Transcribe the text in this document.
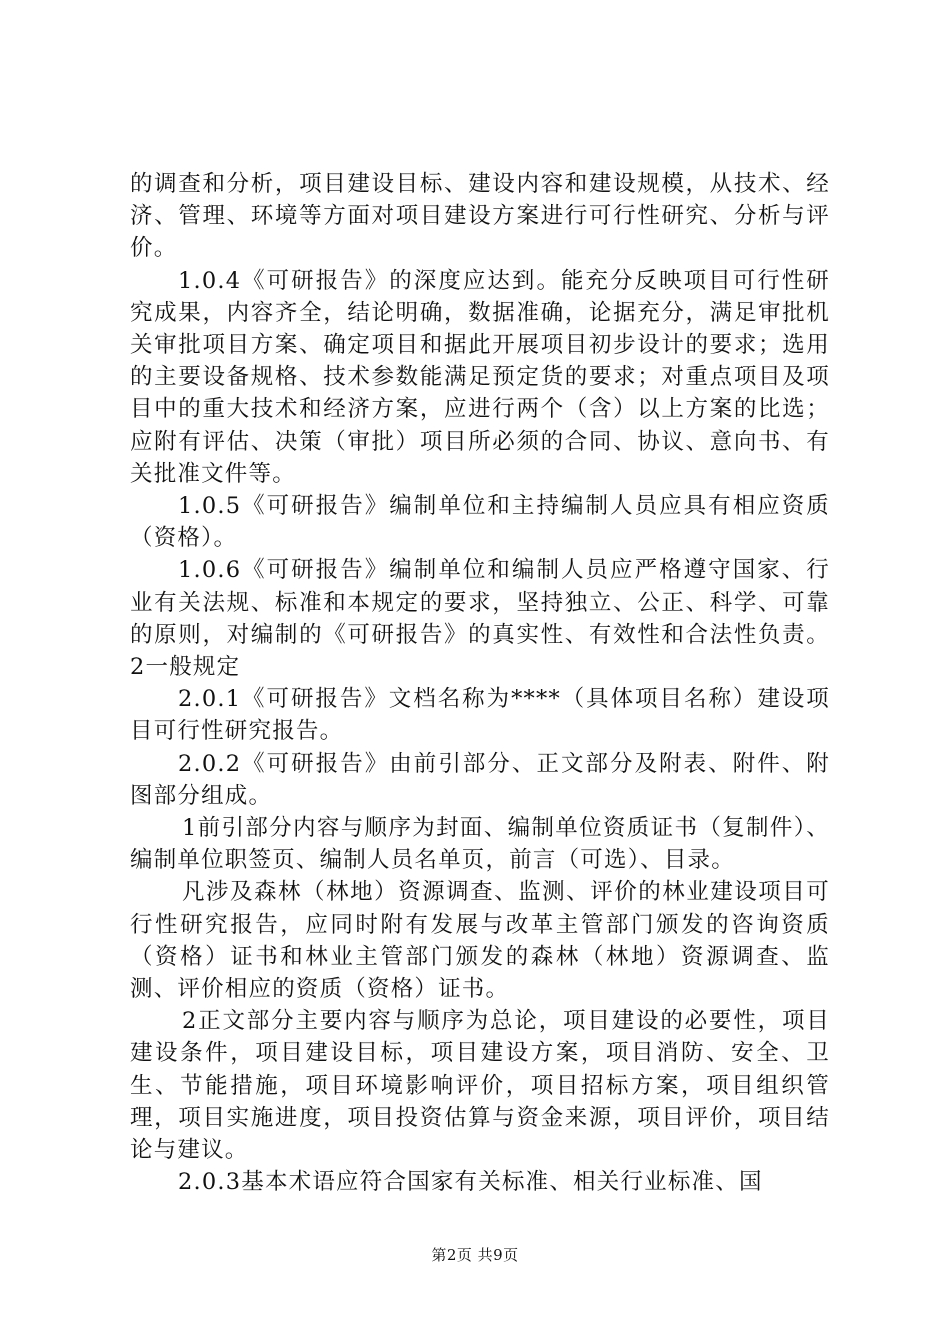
的调查和分析，项目建设目标、建设内容和建设规模，从技术、经济、管理、环境等方面对项目建设方案进行可行性研究、分析与评价。

1.0.4《可研报告》的深度应达到。能充分反映项目可行性研究成果，内容齐全，结论明确，数据准确，论据充分，满足审批机关审批项目方案、确定项目和据此开展项目初步设计的要求；选用的主要设备规格、技术参数能满足预定货的要求；对重点项目及项目中的重大技术和经济方案，应进行两个（含）以上方案的比选；应附有评估、决策（审批）项目所必须的合同、协议、意向书、有关批准文件等。

1.0.5《可研报告》编制单位和主持编制人员应具有相应资质（资格）。

1.0.6《可研报告》编制单位和编制人员应严格遵守国家、行业有关法规、标准和本规定的要求，坚持独立、公正、科学、可靠的原则，对编制的《可研报告》的真实性、有效性和合法性负责。2一般规定

2.0.1《可研报告》文档名称为****（具体项目名称）建设项目可行性研究报告。

2.0.2《可研报告》由前引部分、正文部分及附表、附件、附图部分组成。

1前引部分内容与顺序为封面、编制单位资质证书（复制件）、编制单位职签页、编制人员名单页，前言（可选）、目录。

凡涉及森林（林地）资源调查、监测、评价的林业建设项目可行性研究报告，应同时附有发展与改革主管部门颁发的咨询资质（资格）证书和林业主管部门颁发的森林（林地）资源调查、监测、评价相应的资质（资格）证书。

2正文部分主要内容与顺序为总论，项目建设的必要性，项目建设条件，项目建设目标，项目建设方案，项目消防、安全、卫生、节能措施，项目环境影响评价，项目招标方案，项目组织管理，项目实施进度，项目投资估算与资金来源，项目评价，项目结论与建议。

2.0.3基本术语应符合国家有关标准、相关行业标准、国

第2页 共9页
